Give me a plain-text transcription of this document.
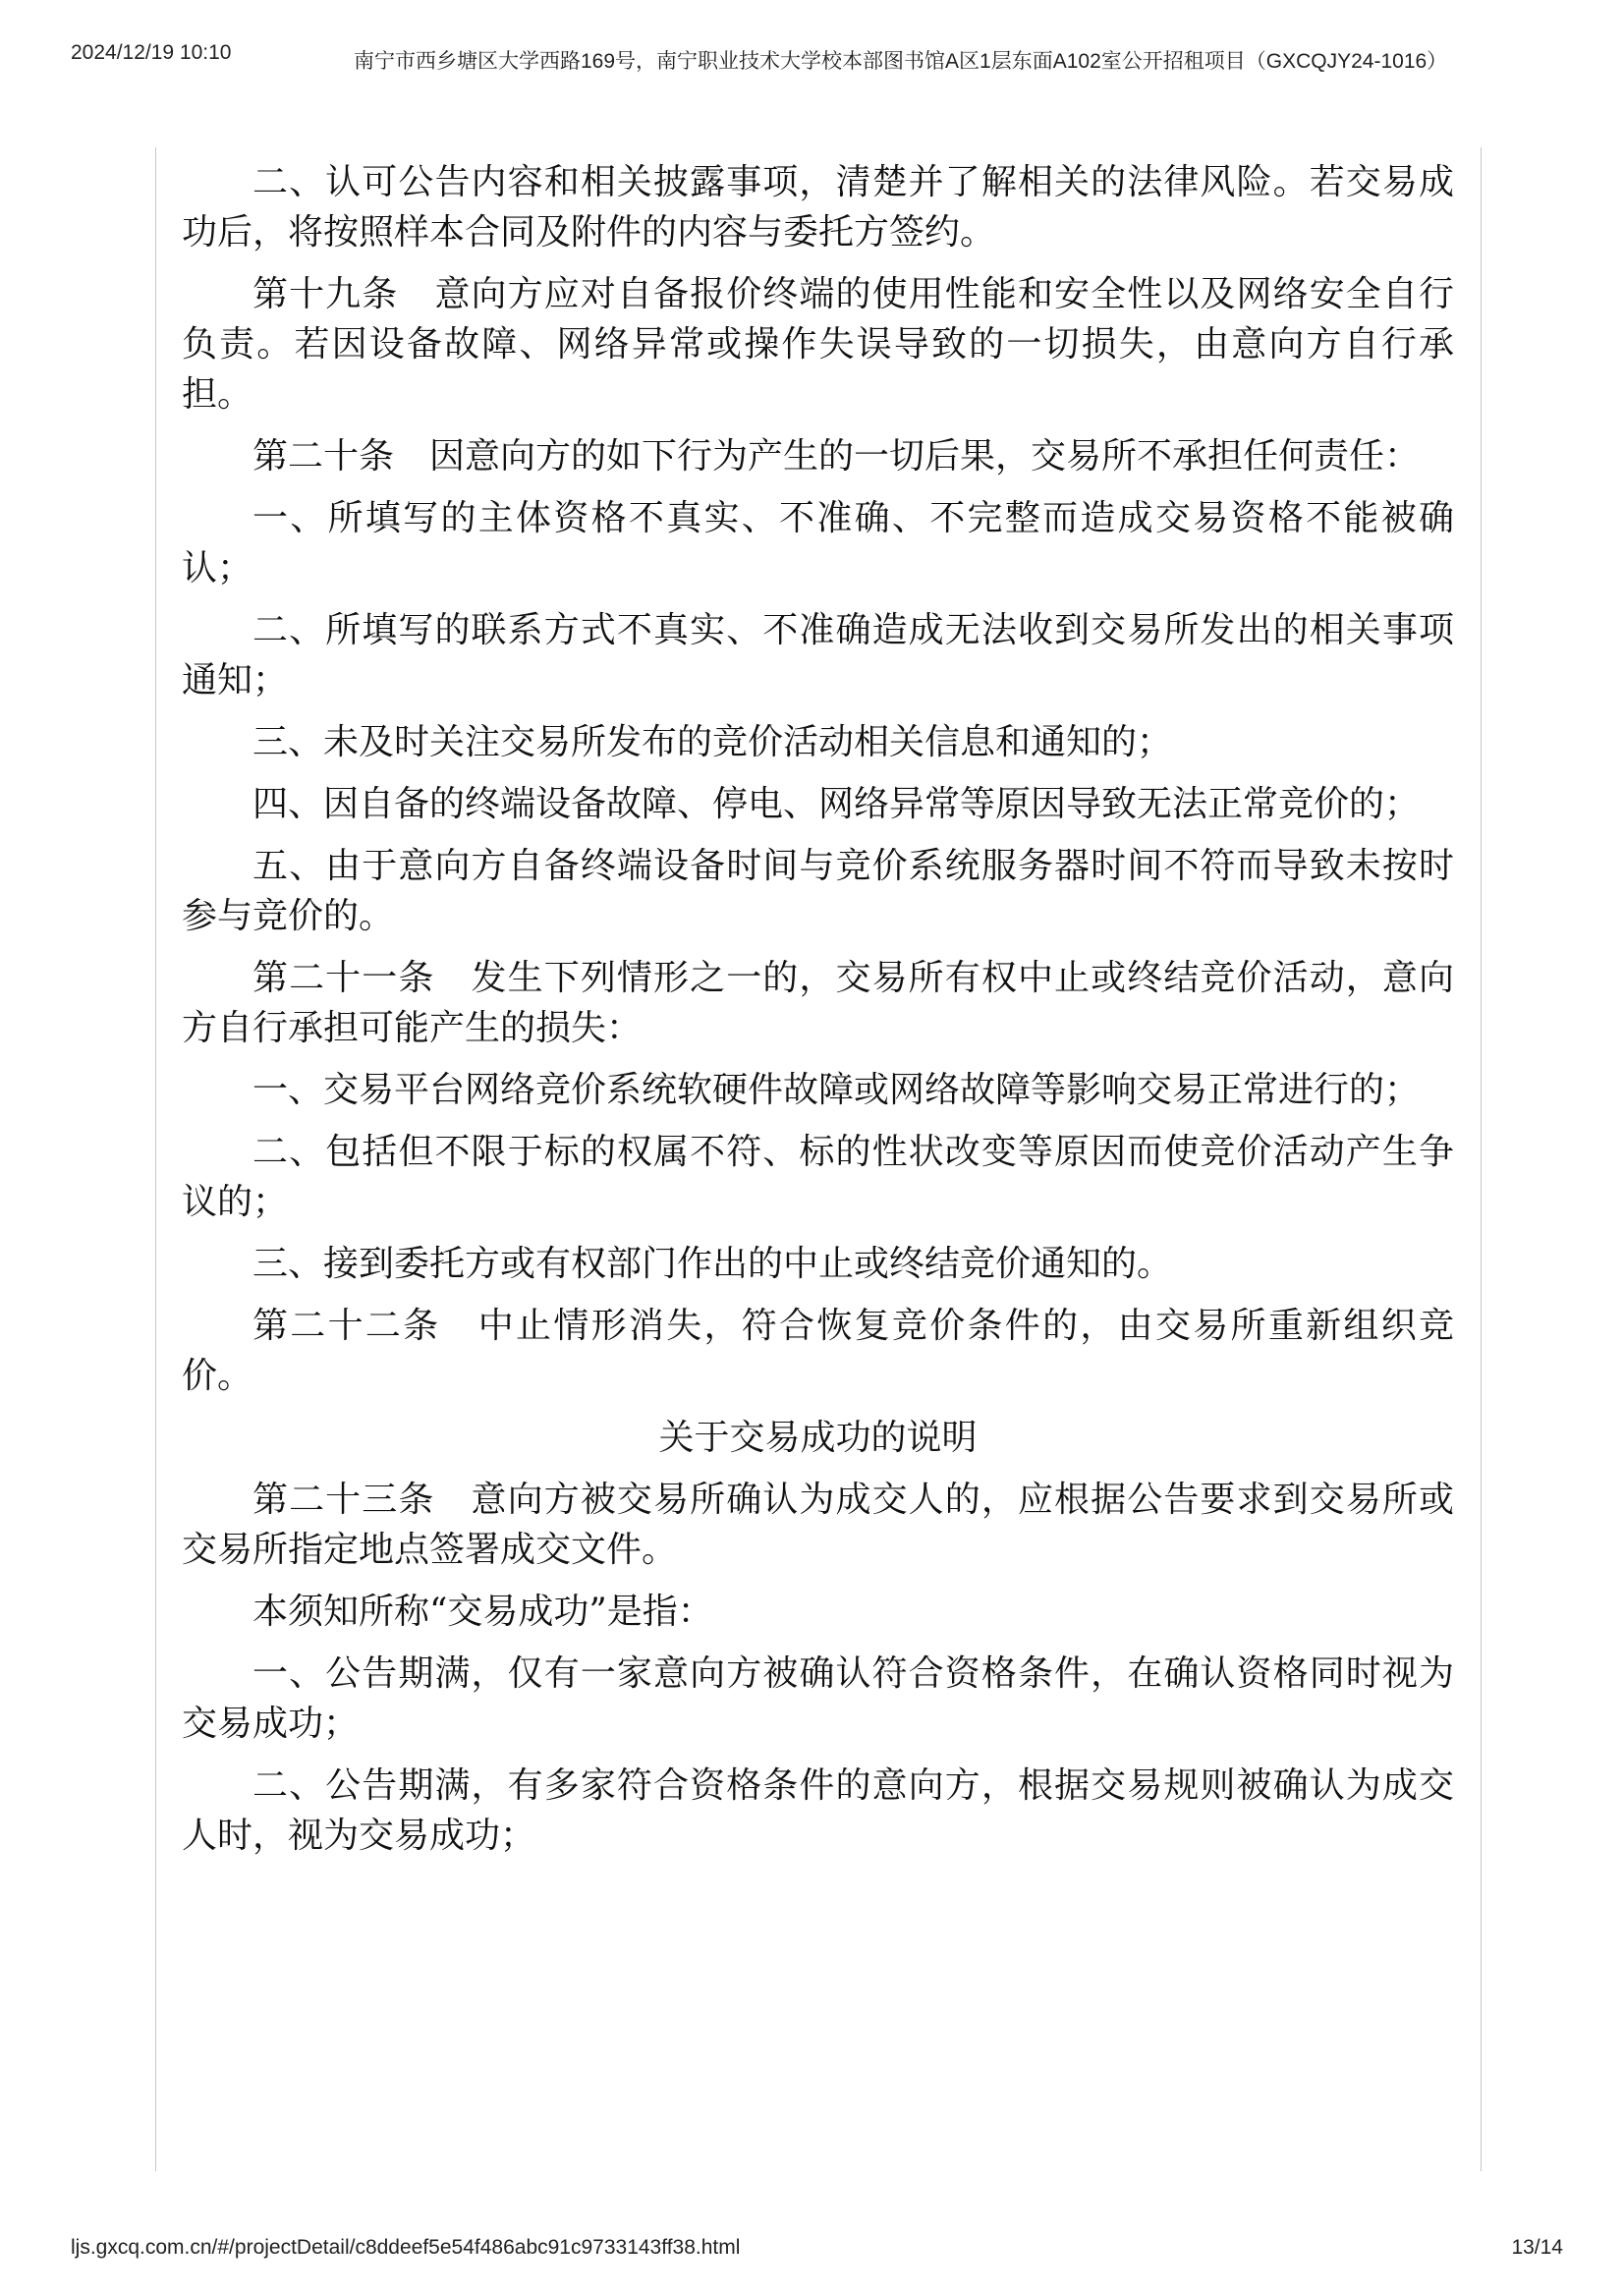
2024/12/19 10:10	南宁市西乡塘区大学西路169号，南宁职业技术大学校本部图书馆A区1层东面A102室公开招租项目（GXCQJY24-1016）

二、认可公告内容和相关披露事项，清楚并了解相关的法律风险。若交易成功后，将按照样本合同及附件的内容与委托方签约。

第十九条　意向方应对自备报价终端的使用性能和安全性以及网络安全自行负责。若因设备故障、网络异常或操作失误导致的一切损失，由意向方自行承担。

第二十条　因意向方的如下行为产生的一切后果，交易所不承担任何责任：

一、所填写的主体资格不真实、不准确、不完整而造成交易资格不能被确认；

二、所填写的联系方式不真实、不准确造成无法收到交易所发出的相关事项通知；

三、未及时关注交易所发布的竞价活动相关信息和通知的；

四、因自备的终端设备故障、停电、网络异常等原因导致无法正常竞价的；

五、由于意向方自备终端设备时间与竞价系统服务器时间不符而导致未按时参与竞价的。

第二十一条　发生下列情形之一的，交易所有权中止或终结竞价活动，意向方自行承担可能产生的损失：

一、交易平台网络竞价系统软硬件故障或网络故障等影响交易正常进行的；

二、包括但不限于标的权属不符、标的性状改变等原因而使竞价活动产生争议的；

三、接到委托方或有权部门作出的中止或终结竞价通知的。

第二十二条　中止情形消失，符合恢复竞价条件的，由交易所重新组织竞价。

关于交易成功的说明

第二十三条　意向方被交易所确认为成交人的，应根据公告要求到交易所或交易所指定地点签署成交文件。

本须知所称“交易成功”是指：

一、公告期满，仅有一家意向方被确认符合资格条件，在确认资格同时视为交易成功；

二、公告期满，有多家符合资格条件的意向方，根据交易规则被确认为成交人时，视为交易成功；

ljs.gxcq.com.cn/#/projectDetail/c8ddeef5e54f486abc91c9733143ff38.html	13/14
